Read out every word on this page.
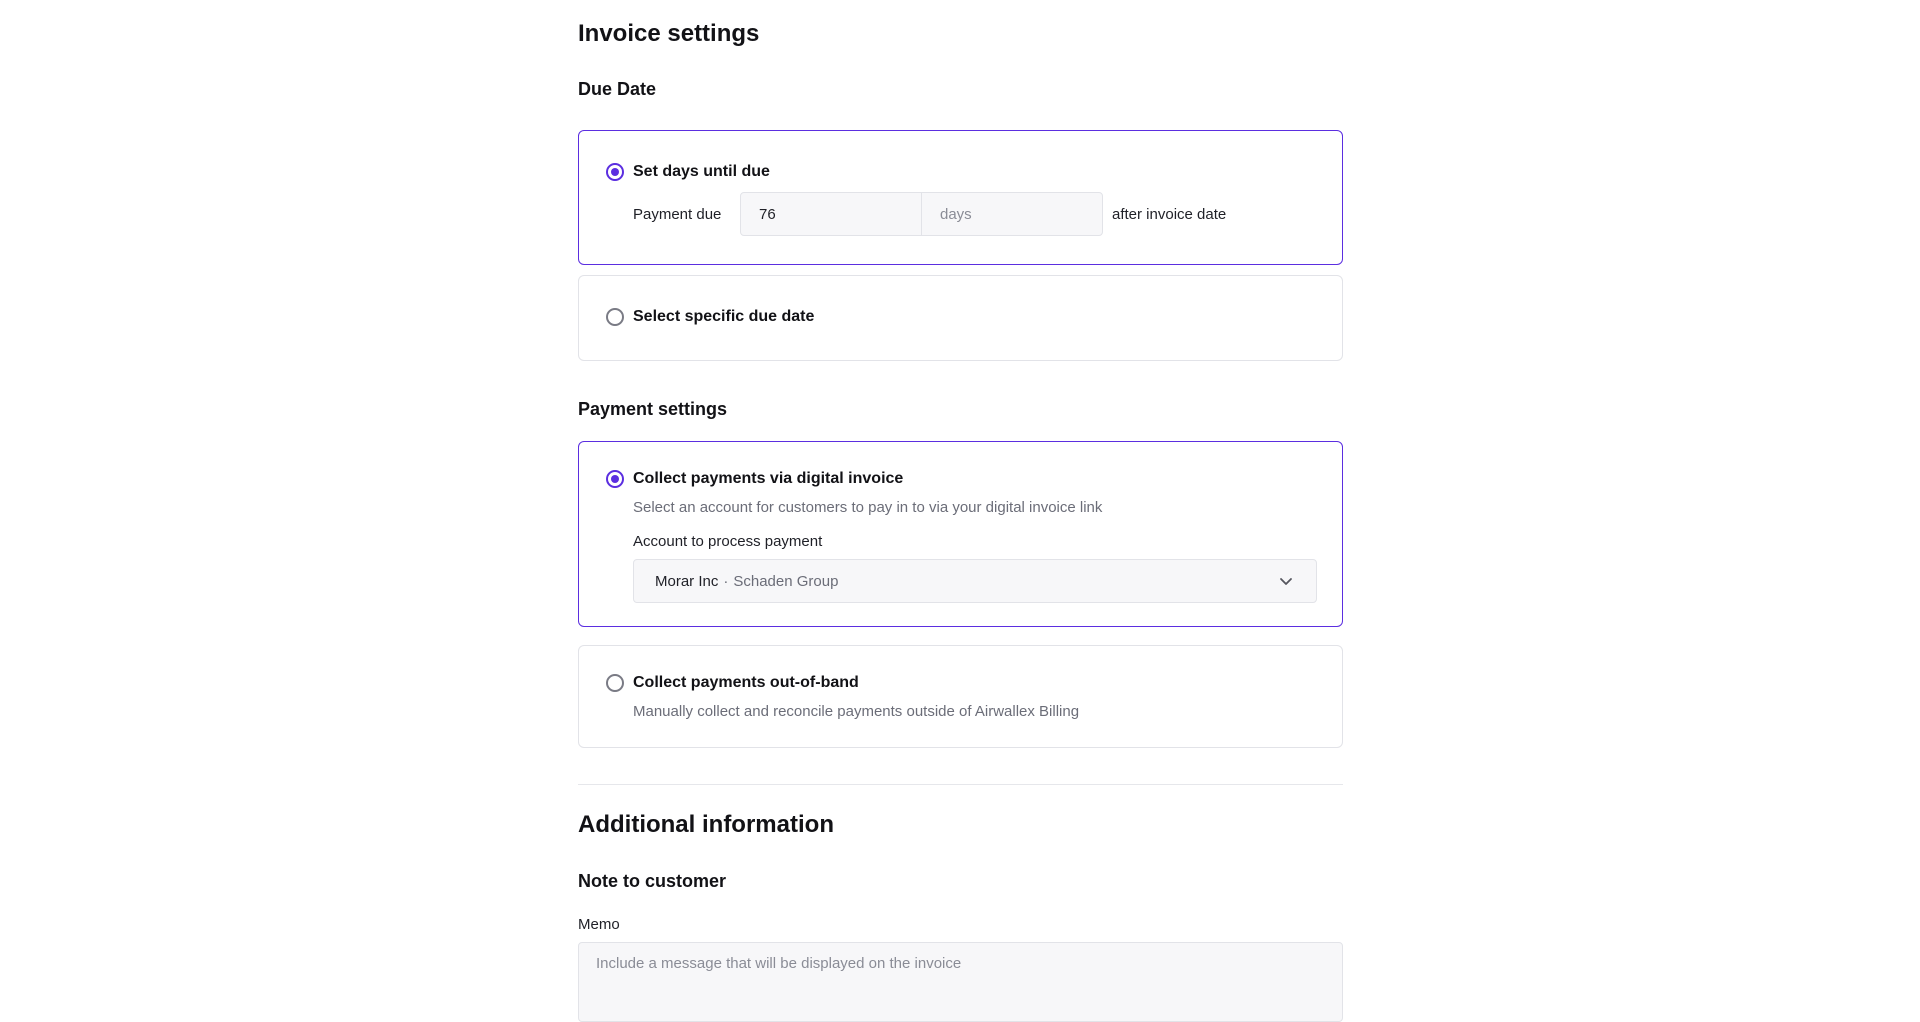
Invoice settings
Due Date
Set days until due
Payment due	76	days	after invoice date
Select specific due date
Payment settings
Collect payments via digital invoice
Select an account for customers to pay in to via your digital invoice link
Account to process payment
Morar Inc · Schaden Group
Collect payments out-of-band
Manually collect and reconcile payments outside of Airwallex Billing
Additional information
Note to customer
Memo
Include a message that will be displayed on the invoice
